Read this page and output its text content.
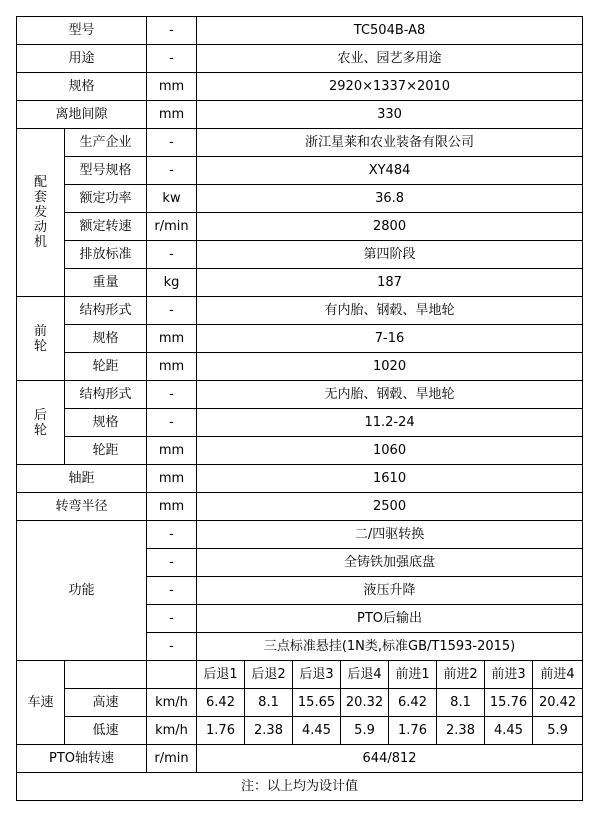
型号		-	TC504B-A8							
用途		-	农业、园艺多用途							
规格		mm	2920×1337×2010							
离地间隙		mm	330							

配
套
发
动
机	生产企业	-	浙江星莱和农业装备有限公司							
	型号规格	-	XY484							
	额定功率	kw	36.8							
	额定转速	r/min	2800							
	排放标准	-	第四阶段							
	重量	kg	187							

前
轮	结构形式	-	有内胎、钢毂、旱地轮							
	规格	mm	7-16							
	轮距	mm	1020							

后
轮	结构形式	-	无内胎、钢毂、旱地轮							
	规格	-	11.2-24							
	轮距	mm	1060							
轴距		mm	1610							
转弯半径		mm	2500							
功能		-	二/四驱转换							
		-	全铸铁加强底盘							
		-	液压升降							
		-	PTO后输出							
		-	三点标准悬挂(1N类,标准GB/T1593-2015)							
车速			后退1	后退2	后退3	后退4	前进1	前进2	前进3	前进4
	高速	km/h	6.42	8.1	15.65	20.32	6.42	8.1	15.76	20.42
	低速	km/h	1.76	2.38	4.45	5.9	1.76	2.38	4.45	5.9
PTO轴转速		r/min	644/812							
注：以上均为设计值										
